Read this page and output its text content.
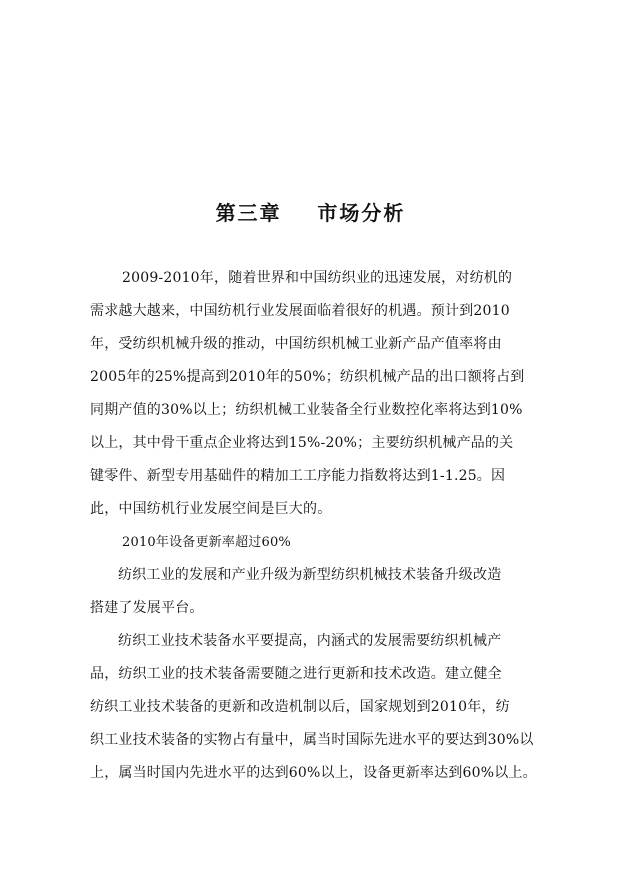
第三章    市场分析
2009-2010年，随着世界和中国纺织业的迅速发展，对纺机的
需求越大越来，中国纺机行业发展面临着很好的机遇。预计到2010
年，受纺织机械升级的推动，中国纺织机械工业新产品产值率将由
2005年的25%提高到2010年的50%；纺织机械产品的出口额将占到
同期产值的30%以上；纺织机械工业装备全行业数控化率将达到10%
以上，其中骨干重点企业将达到15%-20%；主要纺织机械产品的关
键零件、新型专用基础件的精加工工序能力指数将达到1-1.25。因
此，中国纺机行业发展空间是巨大的。
2010年设备更新率超过60%
纺织工业的发展和产业升级为新型纺织机械技术装备升级改造
搭建了发展平台。
纺织工业技术装备水平要提高，内涵式的发展需要纺织机械产
品，纺织工业的技术装备需要随之进行更新和技术改造。建立健全
纺织工业技术装备的更新和改造机制以后，国家规划到2010年，纺
织工业技术装备的实物占有量中，属当时国际先进水平的要达到30%以
上，属当时国内先进水平的达到60%以上，设备更新率达到60%以上。
